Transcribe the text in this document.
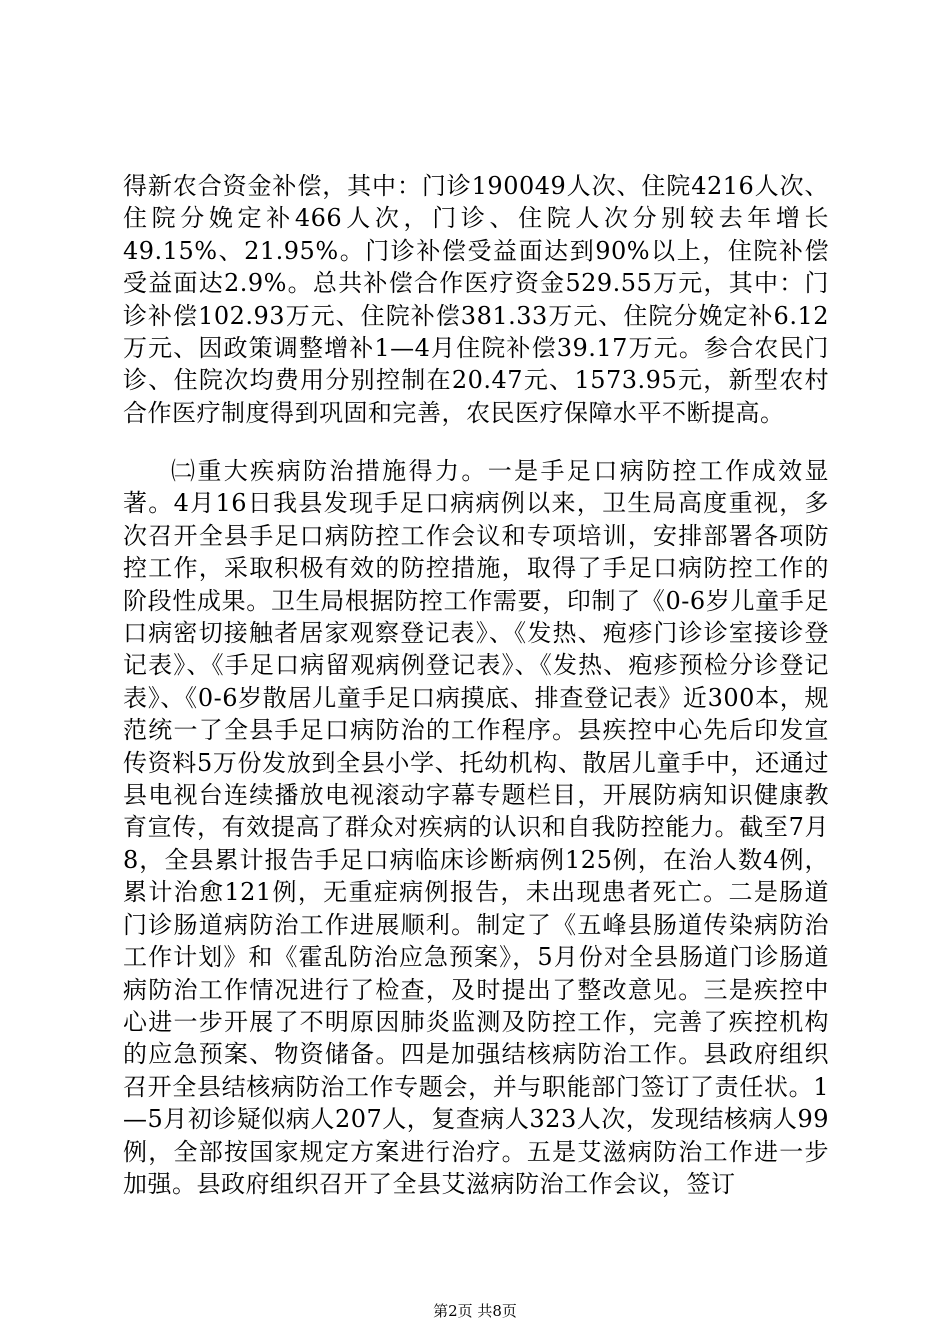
得新农合资金补偿，其中：门诊190049人次、住院4216人次、住院分娩定补466人次，门诊、住院人次分别较去年增长49.15%、21.95%。门诊补偿受益面达到90%以上，住院补偿受益面达2.9%。总共补偿合作医疗资金529.55万元，其中：门诊补偿102.93万元、住院补偿381.33万元、住院分娩定补6.12万元、因政策调整增补1—4月住院补偿39.17万元。参合农民门诊、住院次均费用分别控制在20.47元、1573.95元，新型农村合作医疗制度得到巩固和完善，农民医疗保障水平不断提高。

㈡重大疾病防治措施得力。一是手足口病防控工作成效显著。4月16日我县发现手足口病病例以来，卫生局高度重视，多次召开全县手足口病防控工作会议和专项培训，安排部署各项防控工作，采取积极有效的防控措施，取得了手足口病防控工作的阶段性成果。卫生局根据防控工作需要，印制了《0-6岁儿童手足口病密切接触者居家观察登记表》、《发热、疱疹门诊诊室接诊登记表》、《手足口病留观病例登记表》、《发热、疱疹预检分诊登记表》、《0-6岁散居儿童手足口病摸底、排查登记表》近300本，规范统一了全县手足口病防治的工作程序。县疾控中心先后印发宣传资料5万份发放到全县小学、托幼机构、散居儿童手中，还通过县电视台连续播放电视滚动字幕专题栏目，开展防病知识健康教育宣传，有效提高了群众对疾病的认识和自我防控能力。截至7月8，全县累计报告手足口病临床诊断病例125例，在治人数4例，累计治愈121例，无重症病例报告，未出现患者死亡。二是肠道门诊肠道病防治工作进展顺利。制定了《五峰县肠道传染病防治工作计划》和《霍乱防治应急预案》，5月份对全县肠道门诊肠道病防治工作情况进行了检查，及时提出了整改意见。三是疾控中心进一步开展了不明原因肺炎监测及防控工作，完善了疾控机构的应急预案、物资储备。四是加强结核病防治工作。县政府组织召开全县结核病防治工作专题会，并与职能部门签订了责任状。1—5月初诊疑似病人207人，复查病人323人次，发现结核病人99例，全部按国家规定方案进行治疗。五是艾滋病防治工作进一步加强。县政府组织召开了全县艾滋病防治工作会议，签订

第2页 共8页
